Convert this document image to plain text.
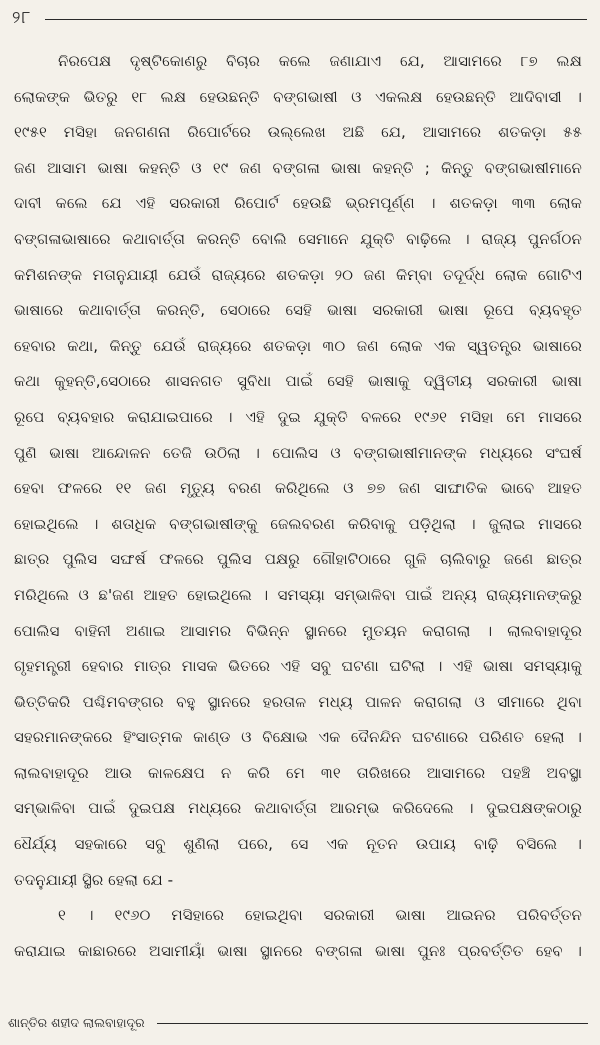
୨୮
ନିରପେକ୍ଷ ଦୃଷ୍ଟିକୋଣରୁ ବିଚାର କଲେ ଜଣାଯାଏ ଯେ, ଆସାମରେ ୮୭ ଲକ୍ଷ
ଲୋକଙ୍କ ଭିତରୁ ୧୮ ଲକ୍ଷ ହେଉଛନ୍ତି ବଙ୍ଗଭାଷୀ ଓ ଏକଲକ୍ଷ ହେଉଛନ୍ତି ଆଦିବାସୀ ।
୧୯୫୧ ମସିହା ଜନଗଣନା ରିପୋର୍ଟରେ ଉଲ୍ଲେଖ ଅଛି ଯେ, ଆସାମରେ ଶତକଡ଼ା ୫୫
ଜଣ ଆସାମ ଭାଷା କହନ୍ତି ଓ ୧୯ ଜଣ ବଙ୍ଗଳା ଭାଷା କହନ୍ତି ; କିନ୍ତୁ ବଙ୍ଗଭାଷୀମାନେ
ଦାବୀ କଲେ ଯେ ଏହି ସରକାରୀ ରିପୋର୍ଟ ହେଉଛି ଭ୍ରମପୂର୍ଣ୍ଣ । ଶତକଡ଼ା ୩୩ ଲୋକ
ବଙ୍ଗଳାଭାଷାରେ କଥାବାର୍ତ୍ତା କରନ୍ତି ବୋଲି ସେମାନେ ଯୁକ୍ତି ବାଢ଼ିଲେ । ରାଜ୍ୟ ପୁନର୍ଗଠନ
କମିଶନଙ୍କ ମତାନୁଯାୟୀ ଯେଉଁ ରାଜ୍ୟରେ ଶତକଡ଼ା ୨୦ ଜଣ କିମ୍ବା ତଦୂର୍ଦ୍ଧ ଲୋକ ଗୋଟିଏ
ଭାଷାରେ କଥାବାର୍ତ୍ତା କରନ୍ତି, ସେଠାରେ ସେହି ଭାଷା ସରକାରୀ ଭାଷା ରୂପେ ବ୍ୟବହୃତ
ହେବାର କଥା, କିନ୍ତୁ ଯେଉଁ ରାଜ୍ୟରେ ଶତକଡ଼ା ୩୦ ଜଣ ଲୋକ ଏକ ସ୍ୱତନ୍ତ୍ର ଭାଷାରେ
କଥା କୁହନ୍ତି,ସେଠାରେ ଶାସନଗତ ସୁବିଧା ପାଇଁ ସେହି ଭାଷାକୁ ଦ୍ୱିତୀୟ ସରକାରୀ ଭାଷା
ରୂପେ ବ୍ୟବହାର କରାଯାଇପାରେ । ଏହି ଦୁଇ ଯୁକ୍ତି ବଳରେ ୧୯୬୧ ମସିହା ମେ ମାସରେ
ପୁଣି ଭାଷା ଆନ୍ଦୋଳନ ତେଜି ଉଠିଲା । ପୋଲିସ ଓ ବଙ୍ଗଭାଷୀମାନଙ୍କ ମଧ୍ୟରେ ସଂଘର୍ଷ
ହେବା ଫଳରେ ୧୧ ଜଣ ମୃତ୍ୟୁ ବରଣ କରିଥିଲେ ଓ ୭୭ ଜଣ ସାଙ୍ଘାତିକ ଭାବେ ଆହତ
ହୋଇଥିଲେ । ଶତାଧିକ ବଙ୍ଗଭାଷୀଙ୍କୁ ଜେଲବରଣ କରିବାକୁ ପଡ଼ିଥିଲା । ଜୁଲାଇ ମାସରେ
ଛାତ୍ର ପୁଲିସ ସଙ୍ଘର୍ଷ ଫଳରେ ପୁଲିସ ପକ୍ଷରୁ ଗୌହାଟିଠାରେ ଗୁଳି ଚାଲିବାରୁ ଜଣେ ଛାତ୍ର
ମରିଥିଲେ ଓ ଛ'ଜଣ ଆହତ ହୋଇଥିଲେ । ସମସ୍ୟା ସମ୍ଭାଳିବା ପାଇଁ ଅନ୍ୟ ରାଜ୍ୟମାନଙ୍କରୁ
ପୋଲିସ ବାହିନୀ ଅଣାଇ ଆସାମର ବିଭିନ୍ନ ସ୍ଥାନରେ ମୁତୟନ କରାଗଲା । ଲାଲବାହାଦୂର
ଗୃହମନ୍ତ୍ରୀ ହେବାର ମାତ୍ର ମାସକ ଭିତରେ ଏହି ସବୁ ଘଟଣା ଘଟିଲା । ଏହି ଭାଷା ସମସ୍ୟାକୁ
ଭିତ୍ତିକରି ପଶ୍ଚିମବଙ୍ଗର ବହୁ ସ୍ଥାନରେ ହରତାଳ ମଧ୍ୟ ପାଳନ କରାଗଲା ଓ ସୀମାରେ ଥିବା
ସହରମାନଙ୍କରେ ହିଂସାତ୍ମକ କାଣ୍ଡ ଓ ବିକ୍ଷୋଭ ଏକ ଦୈନନ୍ଦିନ ଘଟଣାରେ ପରିଣତ ହେଲା ।
ଲାଲବାହାଦୂର ଆଉ କାଳକ୍ଷେପ ନ କରି ମେ ୩୧ ତାରିଖରେ ଆସାମରେ ପହଞ୍ଚି ଅବସ୍ଥା
ସମ୍ଭାଳିବା ପାଇଁ ଦୁଇପକ୍ଷ ମଧ୍ୟରେ କଥାବାର୍ତ୍ତା ଆରମ୍ଭ କରିଦେଲେ । ଦୁଇପକ୍ଷଙ୍କଠାରୁ
ଧୈର୍ଯ୍ୟ ସହକାରେ ସବୁ ଶୁଣିଲା ପରେ, ସେ ଏକ ନୂତନ ଉପାୟ ବାଢ଼ି ବସିଲେ ।
ତଦନୁଯାୟୀ ସ୍ଥିର ହେଲା ଯେ -
୧ । ୧୯୬୦ ମସିହାରେ ହୋଇଥିବା ସରକାରୀ ଭାଷା ଆଇନର ପରିବର୍ତ୍ତନ
କରାଯାଇ କାଛାରରେ ଅସାମୀୟାଁ ଭାଷା ସ୍ଥାନରେ ବଙ୍ଗଳା ଭାଷା ପୁନଃ ପ୍ରବର୍ତ୍ତିତ ହେବ ।
ଶାନ୍ତିର ଶହୀଦ ଲାଲବାହାଦୂର
